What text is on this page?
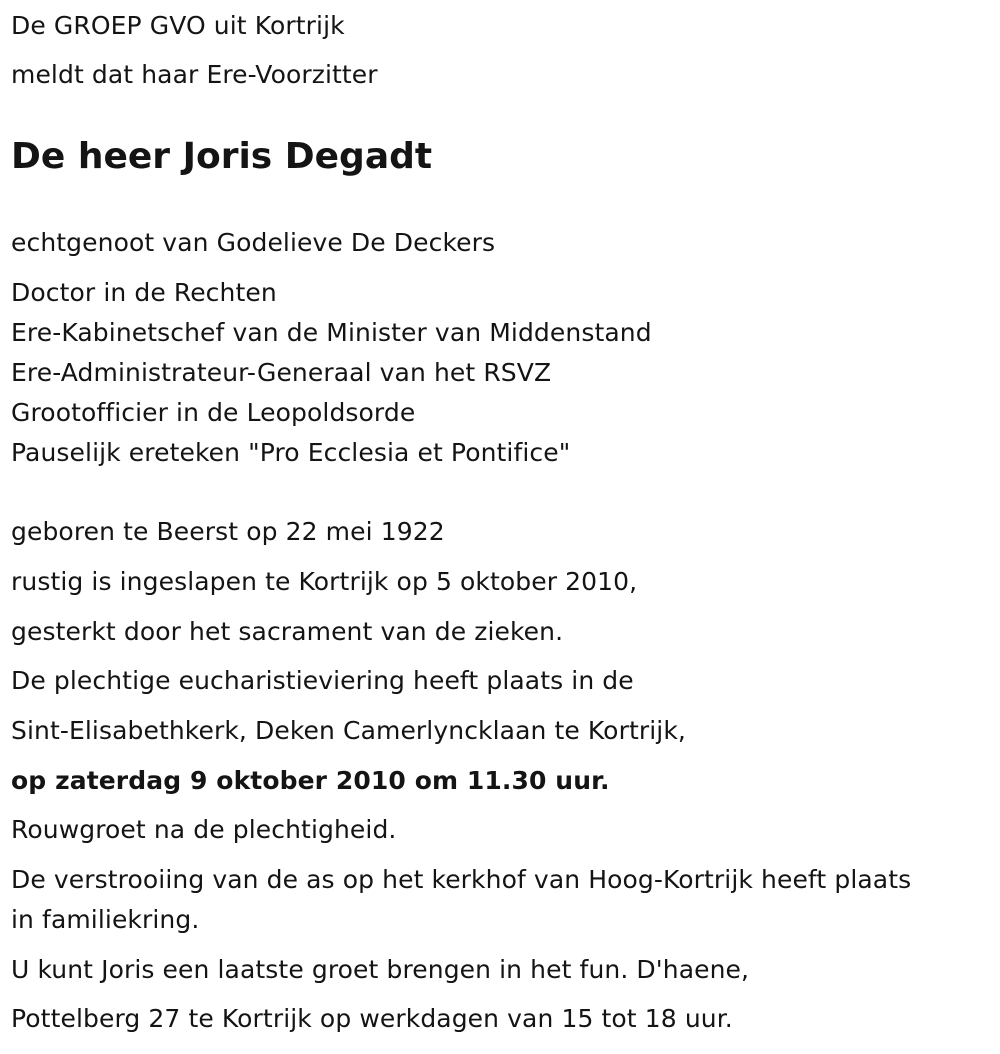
De GROEP GVO uit Kortrijk
meldt dat haar Ere-Voorzitter
De heer Joris Degadt
echtgenoot van Godelieve De Deckers
Doctor in de Rechten
Ere-Kabinetschef van de Minister van Middenstand
Ere-Administrateur-Generaal van het RSVZ
Grootofficier in de Leopoldsorde
Pauselijk ereteken "Pro Ecclesia et Pontifice"
geboren te Beerst op 22 mei 1922
rustig is ingeslapen te Kortrijk op 5 oktober 2010,
gesterkt door het sacrament van de zieken.
De plechtige eucharistieviering heeft plaats in de
Sint-Elisabethkerk, Deken Camerlyncklaan te Kortrijk,
op zaterdag 9 oktober 2010 om 11.30 uur.
Rouwgroet na de plechtigheid.
De verstrooiing van de as op het kerkhof van Hoog-Kortrijk heeft plaats
in familiekring.
U kunt Joris een laatste groet brengen in het fun. D'haene,
Pottelberg 27 te Kortrijk op werkdagen van 15 tot 18 uur.
